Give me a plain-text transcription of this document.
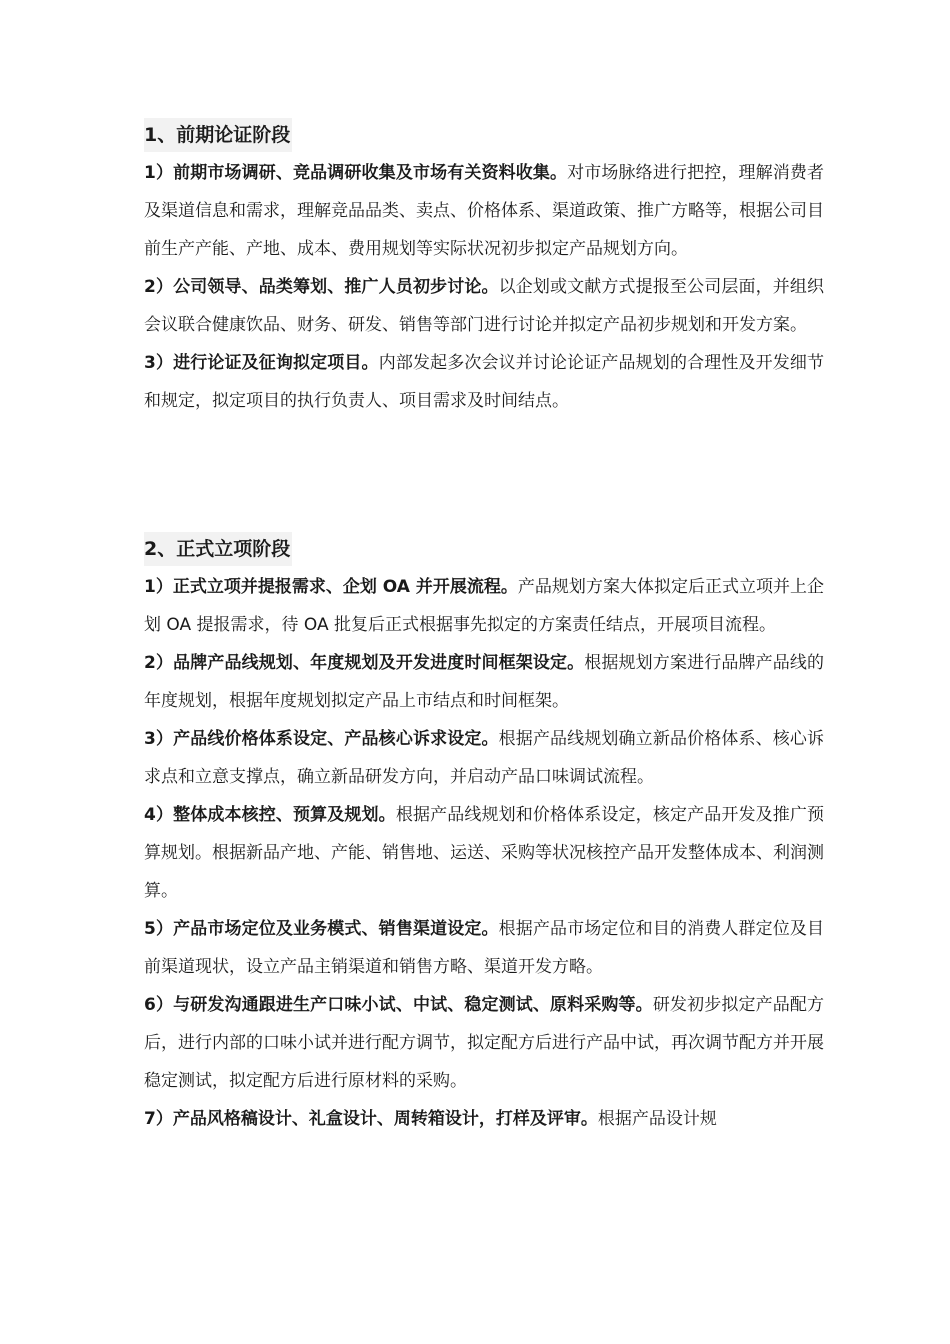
1、前期论证阶段

1）前期市场调研、竞品调研收集及市场有关资料收集。对市场脉络进行把控，理解消费者及渠道信息和需求，理解竞品品类、卖点、价格体系、渠道政策、推广方略等，根据公司目前生产产能、产地、成本、费用规划等实际状况初步拟定产品规划方向。

2）公司领导、品类筹划、推广人员初步讨论。以企划或文献方式提报至公司层面，并组织会议联合健康饮品、财务、研发、销售等部门进行讨论并拟定产品初步规划和开发方案。

3）进行论证及征询拟定项目。内部发起多次会议并讨论论证产品规划的合理性及开发细节和规定，拟定项目的执行负责人、项目需求及时间结点。

2、正式立项阶段

1）正式立项并提报需求、企划 OA 并开展流程。产品规划方案大体拟定后正式立项并上企划 OA 提报需求，待 OA 批复后正式根据事先拟定的方案责任结点，开展项目流程。

2）品牌产品线规划、年度规划及开发进度时间框架设定。根据规划方案进行品牌产品线的年度规划，根据年度规划拟定产品上市结点和时间框架。

3）产品线价格体系设定、产品核心诉求设定。根据产品线规划确立新品价格体系、核心诉求点和立意支撑点，确立新品研发方向，并启动产品口味调试流程。

4）整体成本核控、预算及规划。根据产品线规划和价格体系设定，核定产品开发及推广预算规划。根据新品产地、产能、销售地、运送、采购等状况核控产品开发整体成本、利润测算。

5）产品市场定位及业务模式、销售渠道设定。根据产品市场定位和目的消费人群定位及目前渠道现状，设立产品主销渠道和销售方略、渠道开发方略。

6）与研发沟通跟进生产口味小试、中试、稳定测试、原料采购等。研发初步拟定产品配方后，进行内部的口味小试并进行配方调节，拟定配方后进行产品中试，再次调节配方并开展稳定测试，拟定配方后进行原材料的采购。

7）产品风格稿设计、礼盒设计、周转箱设计，打样及评审。根据产品设计规
